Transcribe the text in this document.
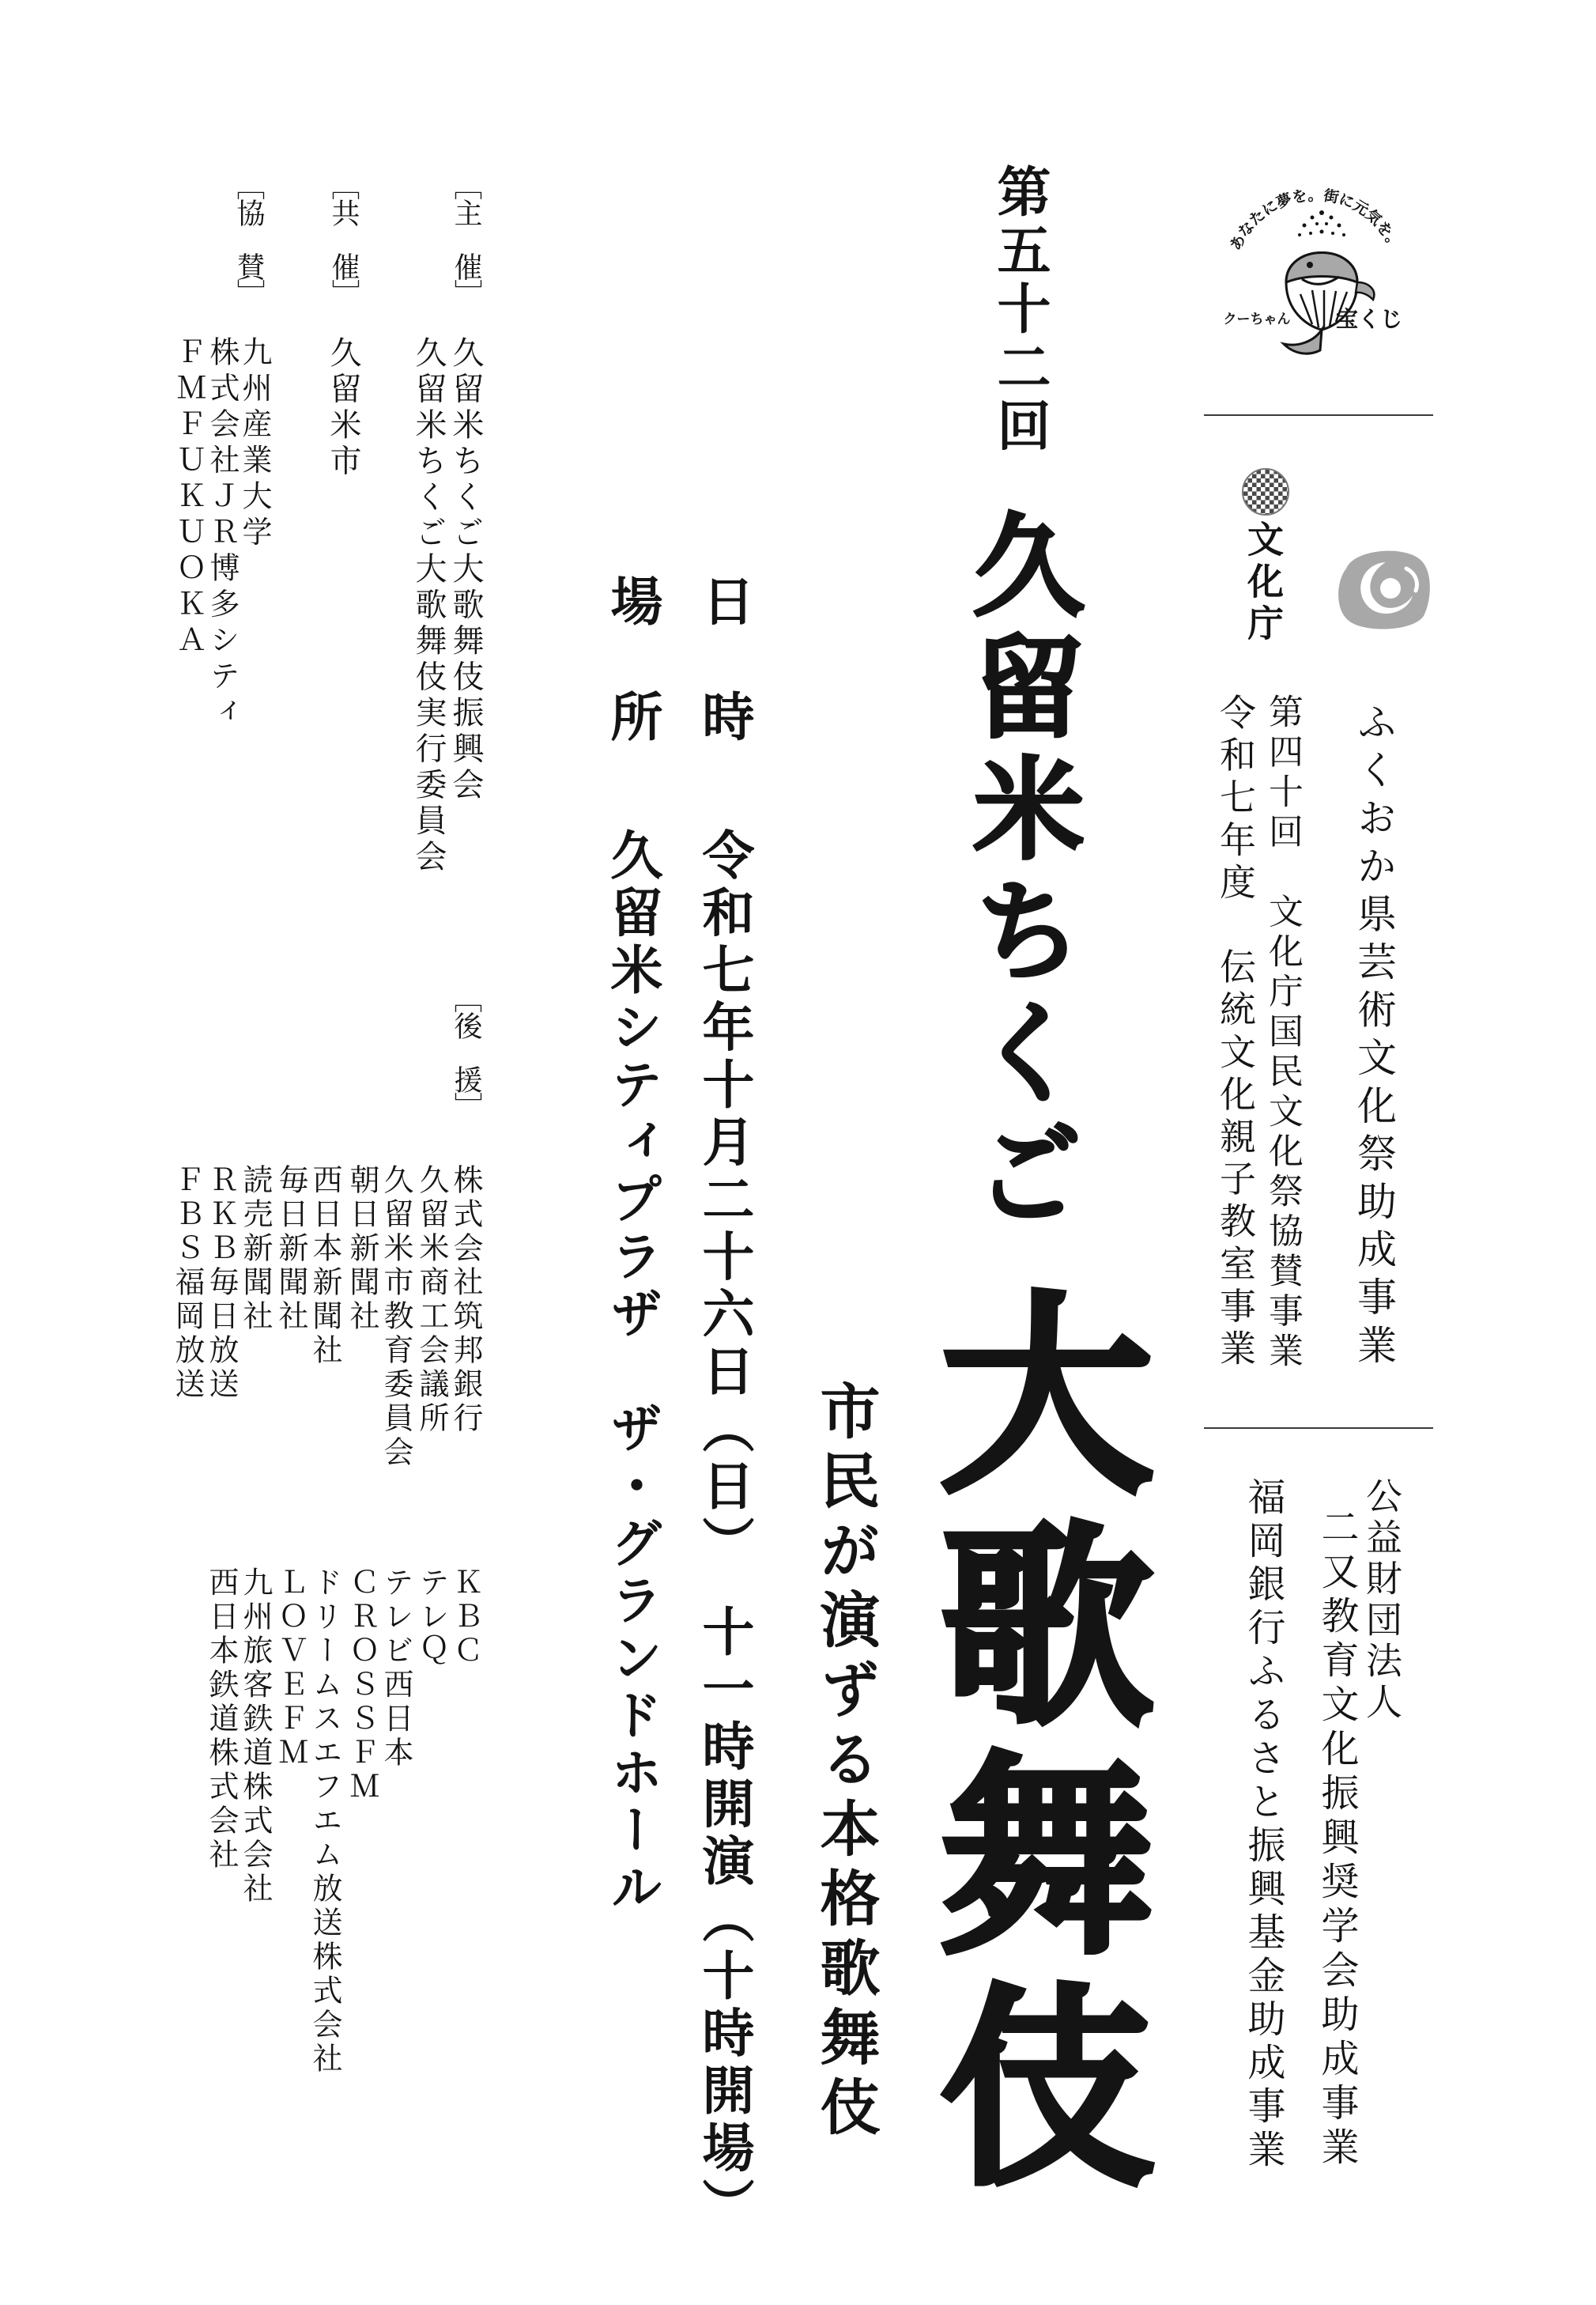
あなたに夢を。街に元気を。
クーちゃん 宝くじ

文化庁

ふくおか県芸術文化祭助成事業

第四十回　文化庁国民文化祭協賛事業

令和七年度　伝統文化親子教室事業

公益財団法人

二又教育文化振興奨学会助成事業

福岡銀行ふるさと振興基金助成事業

第五十二回
久留米ちくご
大歌舞伎

市民が演ずる本格歌舞伎

日　時

場　所

令和七年十月二十六日（日）　十一時開演（十時開場）

久留米シティプラザ　ザ・グランドホール

［主　催］

久留米ちくご大歌舞伎振興会

久留米ちくご大歌舞伎実行委員会

［共　催］

久留米市

［協　賛］

九州産業大学

株式会社ＪＲ博多シティ

ＦＭＦＵＫＵＯＫＡ

［後　援］

株式会社筑邦銀行

久留米商工会議所

久留米市教育委員会

朝日新聞社

西日本新聞社

毎日新聞社

読売新聞社

ＲＫＢ毎日放送

ＦＢＳ福岡放送

ＫＢＣ

テレＱ

テレビ西日本

ＣＲＯＳＳＦＭ

ドリームスエフエム放送株式会社

ＬＯＶＥＦＭ

九州旅客鉄道株式会社

西日本鉄道株式会社
